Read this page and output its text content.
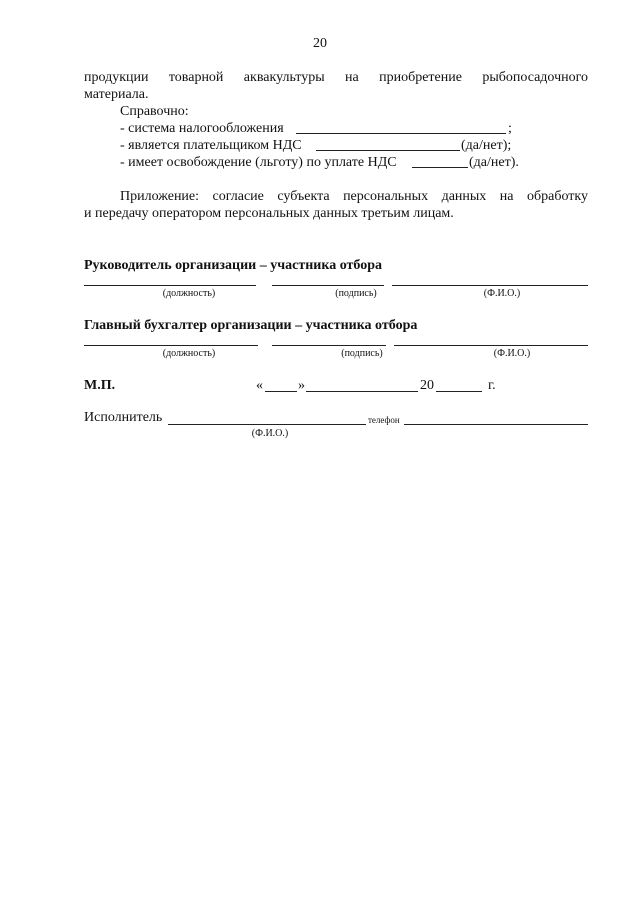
20
продукции товарной аквакультуры на приобретение рыбопосадочного
материала.
Справочно:
- система налогообложения	;
- является плательщиком НДС	(да/нет);
- имеет освобождение (льготу) по уплате НДС	(да/нет).
Приложение: согласие субъекта персональных данных на обработку
и передачу оператором персональных данных третьим лицам.
Руководитель организации – участника отбора
(должность)	(подпись)	(Ф.И.О.)
Главный бухгалтер организации – участника отбора
(должность)	(подпись)	(Ф.И.О.)
М.П.	«	»	20	г.
Исполнитель	телефон
(Ф.И.О.)
